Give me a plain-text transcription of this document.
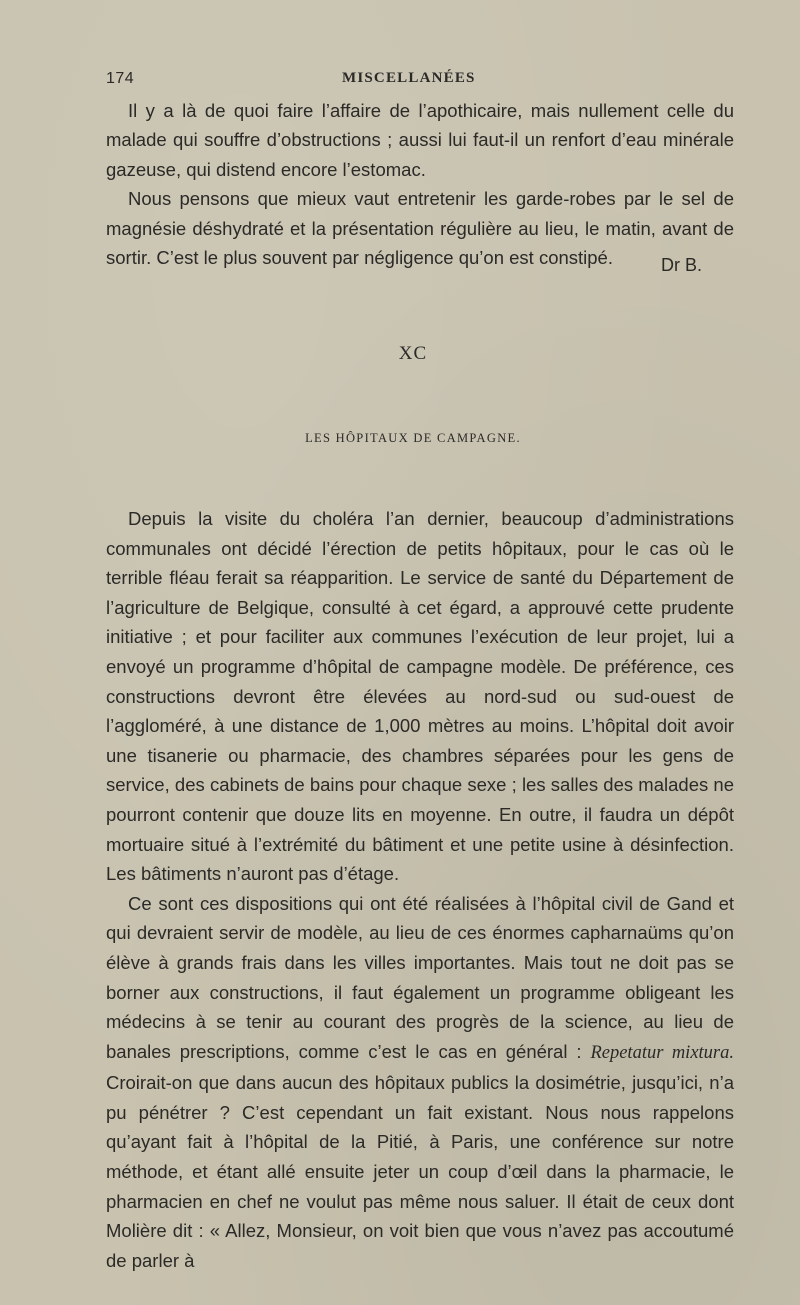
174	MISCELLANÉES

Il y a là de quoi faire l’affaire de l’apothicaire, mais nullement celle du malade qui souffre d’obstructions ; aussi lui faut-il un renfort d’eau minérale gazeuse, qui distend encore l’estomac.

Nous pensons que mieux vaut entretenir les garde-robes par le sel de magnésie déshydraté et la présentation régulière au lieu, le matin, avant de sortir. C’est le plus souvent par négligence qu’on est constipé.	Dr B.
XC
LES HÔPITAUX DE CAMPAGNE.

Depuis la visite du choléra l’an dernier, beaucoup d’administrations communales ont décidé l’érection de petits hôpitaux, pour le cas où le terrible fléau ferait sa réapparition. Le service de santé du Département de l’agriculture de Belgique, consulté à cet égard, a approuvé cette prudente initiative ; et pour faciliter aux communes l’exécution de leur projet, lui a envoyé un programme d’hôpital de campagne modèle. De préférence, ces constructions devront être élevées au nord-sud ou sud-ouest de l’aggloméré, à une distance de 1,000 mètres au moins. L’hôpital doit avoir une tisanerie ou pharmacie, des chambres séparées pour les gens de service, des cabinets de bains pour chaque sexe ; les salles des malades ne pourront contenir que douze lits en moyenne. En outre, il faudra un dépôt mortuaire situé à l’extrémité du bâtiment et une petite usine à désinfection. Les bâtiments n’auront pas d’étage.

Ce sont ces dispositions qui ont été réalisées à l’hôpital civil de Gand et qui devraient servir de modèle, au lieu de ces énormes capharnaüms qu’on élève à grands frais dans les villes importantes. Mais tout ne doit pas se borner aux constructions, il faut également un programme obligeant les médecins à se tenir au courant des progrès de la science, au lieu de banales prescriptions, comme c’est le cas en général : Repetatur mixtura. Croirait-on que dans aucun des hôpitaux publics la dosimétrie, jusqu’ici, n’a pu pénétrer ? C’est cependant un fait existant. Nous nous rappelons qu’ayant fait à l’hôpital de la Pitié, à Paris, une conférence sur notre méthode, et étant allé ensuite jeter un coup d’œil dans la pharmacie, le pharmacien en chef ne voulut pas même nous saluer. Il était de ceux dont Molière dit : « Allez, Monsieur, on voit bien que vous n’avez pas accoutumé de parler à
